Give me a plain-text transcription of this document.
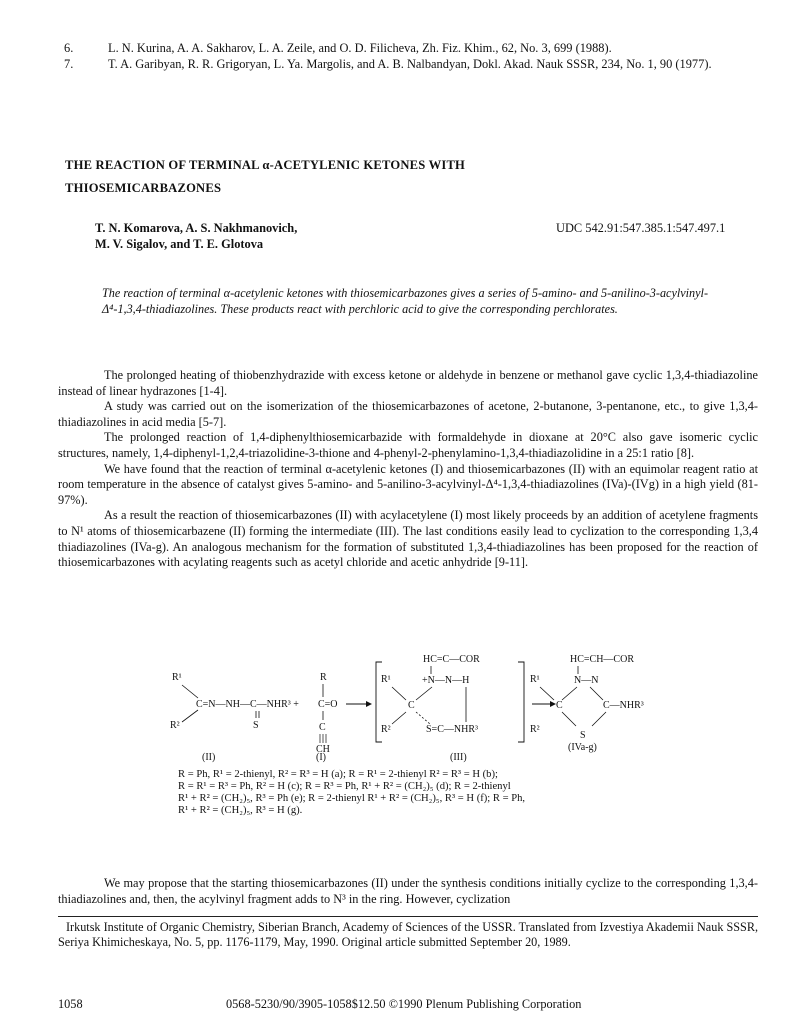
6.	L. N. Kurina, A. A. Sakharov, L. A. Zeile, and O. D. Filicheva, Zh. Fiz. Khim., 62, No. 3, 699 (1988).
7.	T. A. Garibyan, R. R. Grigoryan, L. Ya. Margolis, and A. B. Nalbandyan, Dokl. Akad. Nauk SSSR, 234, No. 1, 90 (1977).
THE REACTION OF TERMINAL α-ACETYLENIC KETONES WITH
THIOSEMICARBAZONES
T. N. Komarova, A. S. Nakhmanovich,
M. V. Sigalov, and T. E. Glotova
UDC 542.91:547.385.1:547.497.1
The reaction of terminal α-acetylenic ketones with thiosemicarbazones gives a series of 5-amino- and 5-anilino-3-acylvinyl-Δ⁴-1,3,4-thiadiazolines. These products react with perchloric acid to give the corresponding perchlorates.

The prolonged heating of thiobenzhydrazide with excess ketone or aldehyde in benzene or methanol gave cyclic 1,3,4-thiadiazoline instead of linear hydrazones [1-4].

A study was carried out on the isomerization of the thiosemicarbazones of acetone, 2-butanone, 3-pentanone, etc., to give 1,3,4-thiadiazolines in acid media [5-7].

The prolonged reaction of 1,4-diphenylthiosemicarbazide with formaldehyde in dioxane at 20°C also gave isomeric cyclic structures, namely, 1,4-diphenyl-1,2,4-triazolidine-3-thione and 4-phenyl-2-phenylamino-1,3,4-thiadiazolidine in a 25:1 ratio [8].

We have found that the reaction of terminal α-acetylenic ketones (I) and thiosemicarbazones (II) with an equimolar reagent ratio at room temperature in the absence of catalyst gives 5-amino- and 5-anilino-3-acylvinyl-Δ⁴-1,3,4-thiadiazolines (IVa)-(IVg) in a high yield (81-97%).

As a result the reaction of thiosemicarbazones (II) with acylacetylene (I) most likely proceeds by an addition of acetylene fragments to N¹ atoms of thiosemicarbazene (II) forming the intermediate (III). The last conditions easily lead to cyclization to the corresponding 1,3,4 thiadiazolines (IVa-g). An analogous mechanism for the formation of substituted 1,3,4-thiadiazolines has been proposed for the reaction of thiosemicarbazones with acylating reagents such as acetyl chloride and acetic anhydride [9-11].

R¹
C=N—NH—C—NHR³ +
R²	S
R
C=O
C
CH
HC=C—COR
R¹	+N—N—H
C
R²	S=C—NHR³
HC=CH—COR
R¹	N—N
C	C—NHR³
R²
S
(II)	(I)	(III)
(IVa-g)
R = Ph, R¹ = 2-thienyl, R² = R³ = H (a); R = R¹ = 2-thienyl R² = R³ = H (b);
R = R¹ = R³ = Ph, R² = H (c); R = R³ = Ph, R¹ + R² = (CH₂)₅ (d); R = 2-thienyl
R¹ + R² = (CH₂)₅, R³ = Ph (e); R = 2-thienyl R¹ + R² = (CH₂)₅, R³ = H (f); R = Ph,
R¹ + R² = (CH₂)₅, R³ = H (g).

We may propose that the starting thiosemicarbazones (II) under the synthesis conditions initially cyclize to the corresponding 1,3,4-thiadiazolines and, then, the acylvinyl fragment adds to N³ in the ring. However, cyclization

Irkutsk Institute of Organic Chemistry, Siberian Branch, Academy of Sciences of the USSR. Translated from Izvestiya Akademii Nauk SSSR, Seriya Khimicheskaya, No. 5, pp. 1176-1179, May, 1990. Original article submitted September 20, 1989.

1058	0568-5230/90/3905-1058$12.50 ©1990 Plenum Publishing Corporation
